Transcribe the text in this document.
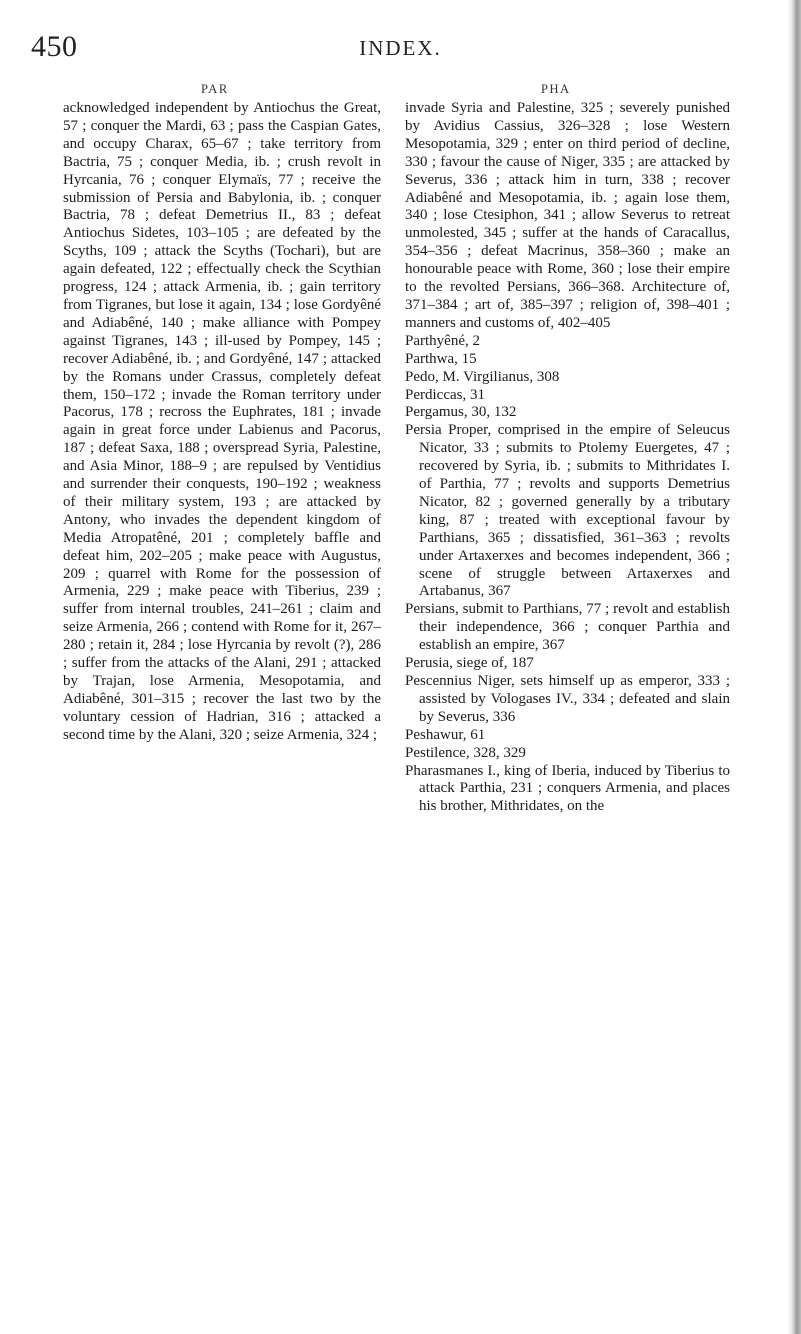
450	INDEX.
PAR	PHA

acknowledged independent by Antiochus the Great, 57 ; conquer the Mardi, 63 ; pass the Caspian Gates, and occupy Charax, 65–67 ; take territory from Bactria, 75 ; conquer Media, ib. ; crush revolt in Hyrcania, 76 ; conquer Elymaïs, 77 ; receive the submission of Persia and Babylonia, ib. ; conquer Bactria, 78 ; defeat Demetrius II., 83 ; defeat Antiochus Sidetes, 103–105 ; are defeated by the Scyths, 109 ; attack the Scyths (Tochari), but are again defeated, 122 ; effectually check the Scythian progress, 124 ; attack Armenia, ib. ; gain territory from Tigranes, but lose it again, 134 ; lose Gordyêné and Adiabêné, 140 ; make alliance with Pompey against Tigranes, 143 ; ill-used by Pompey, 145 ; recover Adiabêné, ib. ; and Gordyêné, 147 ; attacked by the Romans under Crassus, completely defeat them, 150–172 ; invade the Roman territory under Pacorus, 178 ; recross the Euphrates, 181 ; invade again in great force under Labienus and Pacorus, 187 ; defeat Saxa, 188 ; overspread Syria, Palestine, and Asia Minor, 188–9 ; are repulsed by Ventidius and surrender their conquests, 190–192 ; weakness of their military system, 193 ; are attacked by Antony, who invades the dependent kingdom of Media Atropatêné, 201 ; completely baffle and defeat him, 202–205 ; make peace with Augustus, 209 ; quarrel with Rome for the possession of Armenia, 229 ; make peace with Tiberius, 239 ; suffer from internal troubles, 241–261 ; claim and seize Armenia, 266 ; contend with Rome for it, 267–280 ; retain it, 284 ; lose Hyrcania by revolt (?), 286 ; suffer from the attacks of the Alani, 291 ; attacked by Trajan, lose Armenia, Mesopotamia, and Adiabêné, 301–315 ; recover the last two by the voluntary cession of Hadrian, 316 ; attacked a second time by the Alani, 320 ; seize Armenia, 324 ;

invade Syria and Palestine, 325 ; severely punished by Avidius Cassius, 326–328 ; lose Western Mesopotamia, 329 ; enter on third period of decline, 330 ; favour the cause of Niger, 335 ; are attacked by Severus, 336 ; attack him in turn, 338 ; recover Adiabêné and Mesopotamia, ib. ; again lose them, 340 ; lose Ctesiphon, 341 ; allow Severus to retreat unmolested, 345 ; suffer at the hands of Caracallus, 354–356 ; defeat Macrinus, 358–360 ; make an honourable peace with Rome, 360 ; lose their empire to the revolted Persians, 366–368. Architecture of, 371–384 ; art of, 385–397 ; religion of, 398–401 ; manners and customs of, 402–405

Parthyêné, 2

Parthwa, 15

Pedo, M. Virgilianus, 308

Perdiccas, 31

Pergamus, 30, 132

Persia Proper, comprised in the empire of Seleucus Nicator, 33 ; submits to Ptolemy Euergetes, 47 ; recovered by Syria, ib. ; submits to Mithridates I. of Parthia, 77 ; revolts and supports Demetrius Nicator, 82 ; governed generally by a tributary king, 87 ; treated with exceptional favour by Parthians, 365 ; dissatisfied, 361–363 ; revolts under Artaxerxes and becomes independent, 366 ; scene of struggle between Artaxerxes and Artabanus, 367

Persians, submit to Parthians, 77 ; revolt and establish their independence, 366 ; conquer Parthia and establish an empire, 367

Perusia, siege of, 187

Pescennius Niger, sets himself up as emperor, 333 ; assisted by Vologases IV., 334 ; defeated and slain by Severus, 336

Peshawur, 61

Pestilence, 328, 329

Pharasmanes I., king of Iberia, induced by Tiberius to attack Parthia, 231 ; conquers Armenia, and places his brother, Mithridates, on the
